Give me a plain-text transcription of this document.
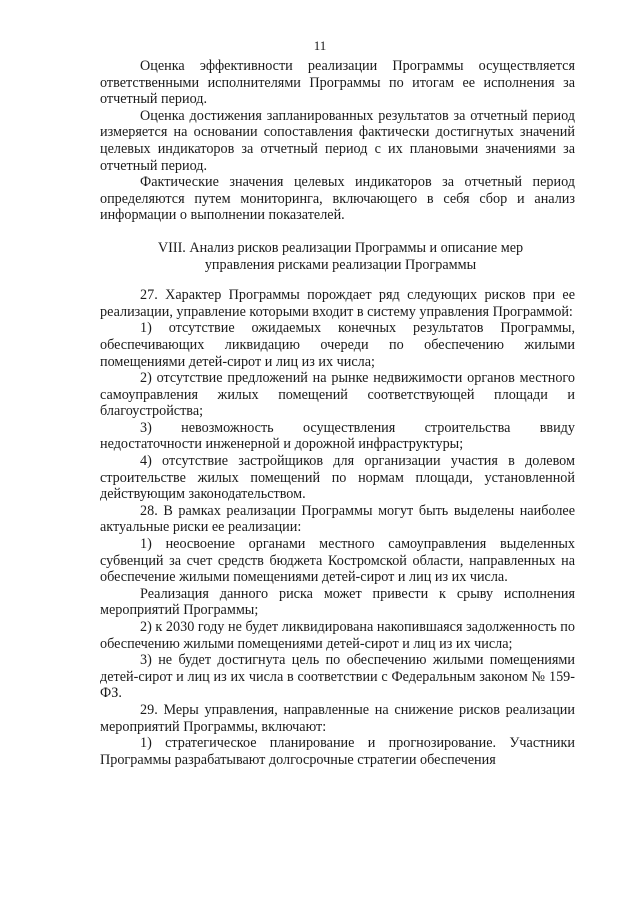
11

Оценка эффективности реализации Программы осуществляется ответственными исполнителями Программы по итогам ее исполнения за отчетный период.

Оценка достижения запланированных результатов за отчетный период измеряется на основании сопоставления фактически достигнутых значений целевых индикаторов за отчетный период с их плановыми значениями за отчетный период.

Фактические значения целевых индикаторов за отчетный период определяются путем мониторинга, включающего в себя сбор и анализ информации о выполнении показателей.

VIII. Анализ рисков реализации Программы и описание мер
управления рисками реализации Программы

27. Характер Программы порождает ряд следующих рисков при ее реализации, управление которыми входит в систему управления Программой:

1) отсутствие ожидаемых конечных результатов Программы, обеспечивающих ликвидацию очереди по обеспечению жилыми помещениями детей-сирот и лиц из их числа;

2) отсутствие предложений на рынке недвижимости органов местного самоуправления жилых помещений соответствующей площади и благоустройства;

3) невозможность осуществления строительства ввиду недостаточности инженерной и дорожной инфраструктуры;

4) отсутствие застройщиков для организации участия в долевом строительстве жилых помещений по нормам площади, установленной действующим законодательством.

28. В рамках реализации Программы могут быть выделены наиболее актуальные риски ее реализации:

1) неосвоение органами местного самоуправления выделенных субвенций за счет средств бюджета Костромской области, направленных на обеспечение жилыми помещениями детей-сирот и лиц из их числа.

Реализация данного риска может привести к срыву исполнения мероприятий Программы;

2) к 2030 году не будет ликвидирована накопившаяся задолженность по обеспечению жилыми помещениями детей-сирот и лиц из их числа;

3) не будет достигнута цель по обеспечению жилыми помещениями детей-сирот и лиц из их числа в соответствии с Федеральным законом № 159-ФЗ.

29. Меры управления, направленные на снижение рисков реализации мероприятий Программы, включают:

1) стратегическое планирование и прогнозирование. Участники Программы разрабатывают долгосрочные стратегии обеспечения
